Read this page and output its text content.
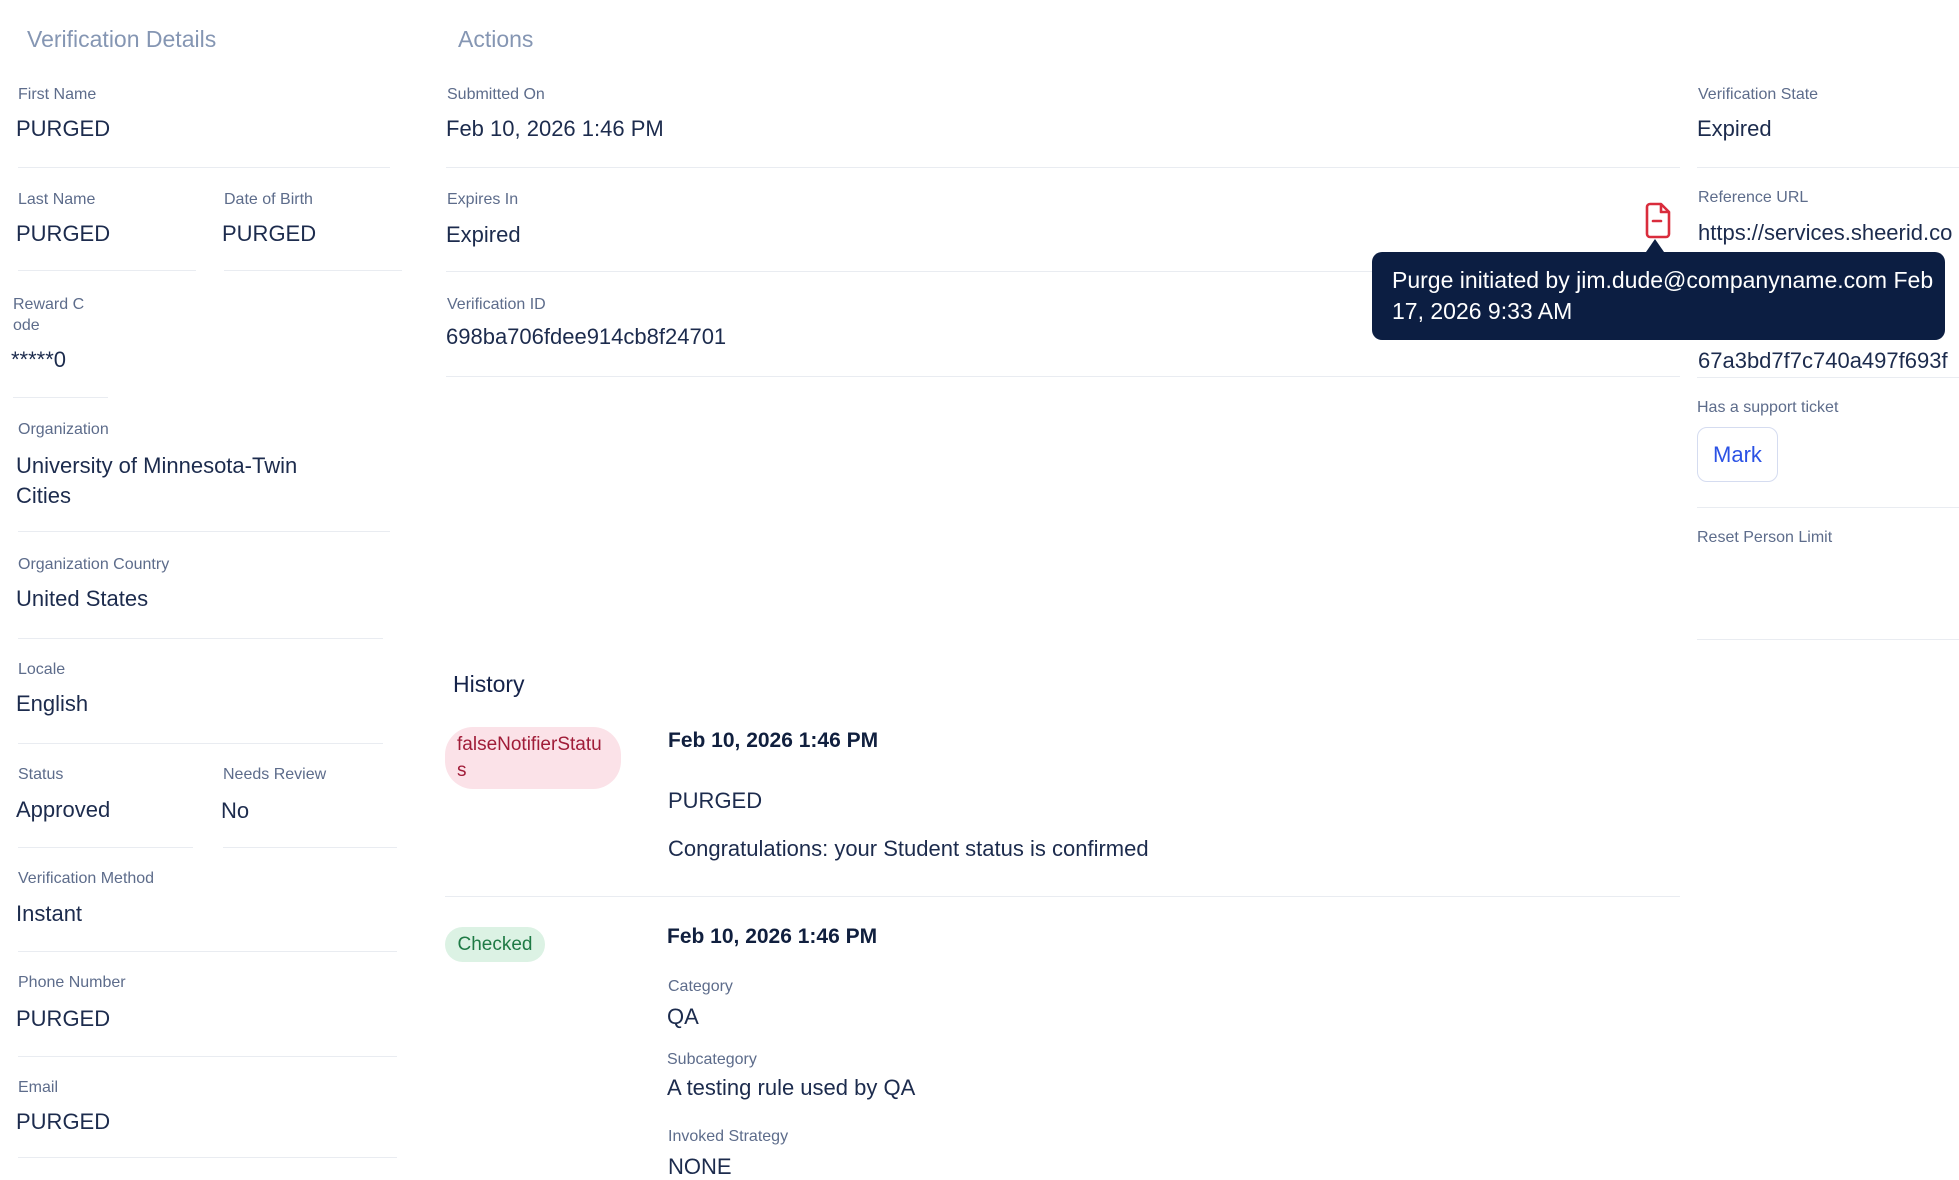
Verification Details	Actions
First Name
PURGED
Last Name
PURGED
Date of Birth
PURGED
Reward Code
*****0
Organization
University of Minnesota-Twin Cities
Organization Country
United States
Locale
English
Status
Approved
Needs Review
No
Verification Method
Instant
Phone Number
PURGED
Email
PURGED
Submitted On
Feb 10, 2026 1:46 PM
Expires In
Expired
Verification ID
698ba706fdee914cb8f24701
Verification State
Expired
Reference URL
https://services.sheerid.co
67a3bd7f7c740a497f693f
Has a support ticket
Mark
Reset Person Limit
Purge initiated by jim.dude@companyname.com Feb
17, 2026 9:33 AM
History
falseNotifierStatus
Feb 10, 2026 1:46 PM
PURGED
Congratulations: your Student status is confirmed
Checked	Feb 10, 2026 1:46 PM
Category
QA
Subcategory
A testing rule used by QA
Invoked Strategy
NONE
